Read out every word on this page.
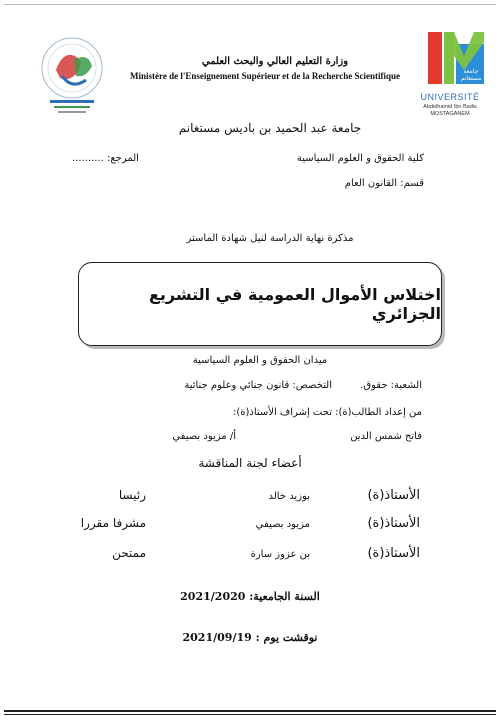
جامعة مستغانم
UNIVERSITÉ
Abdelhamid Ibn Badis
MOSTAGANEM
وزارة التعليم العالي والبحث العلمي
Ministère de l'Enseignement Supérieur et de la Recherche Scientifique
جامعة عبد الحميد بن باديس مستغانم
كلية الحقوق و العلوم السياسية
المرجع: ..........
قسم: القانون العام
مذكرة نهاية الدراسة لنيل شهادة الماستر
اختلاس الأموال العمومية في التشريع الجزائري
ميدان الحقوق و العلوم السياسية
الشعبة: حقوق.
التخصص: قانون جنائي وعلوم جنائية
من إعداد الطالب(ة):
تحت إشراف الأستاذ(ة):
فاتح شمس الدين
أ/ مزيود بصيفي
أعضاء لجنة المناقشة
الأستاذ(ة)
بوزيد خالد
رئيسا
الأستاذ(ة)
مزيود بصيفي
مشرفا مقررا
الأستاذ(ة)
بن عزوز سارة
ممتحن
السنة الجامعية: 2021/2020
نوقشت يوم : 2021/09/19
